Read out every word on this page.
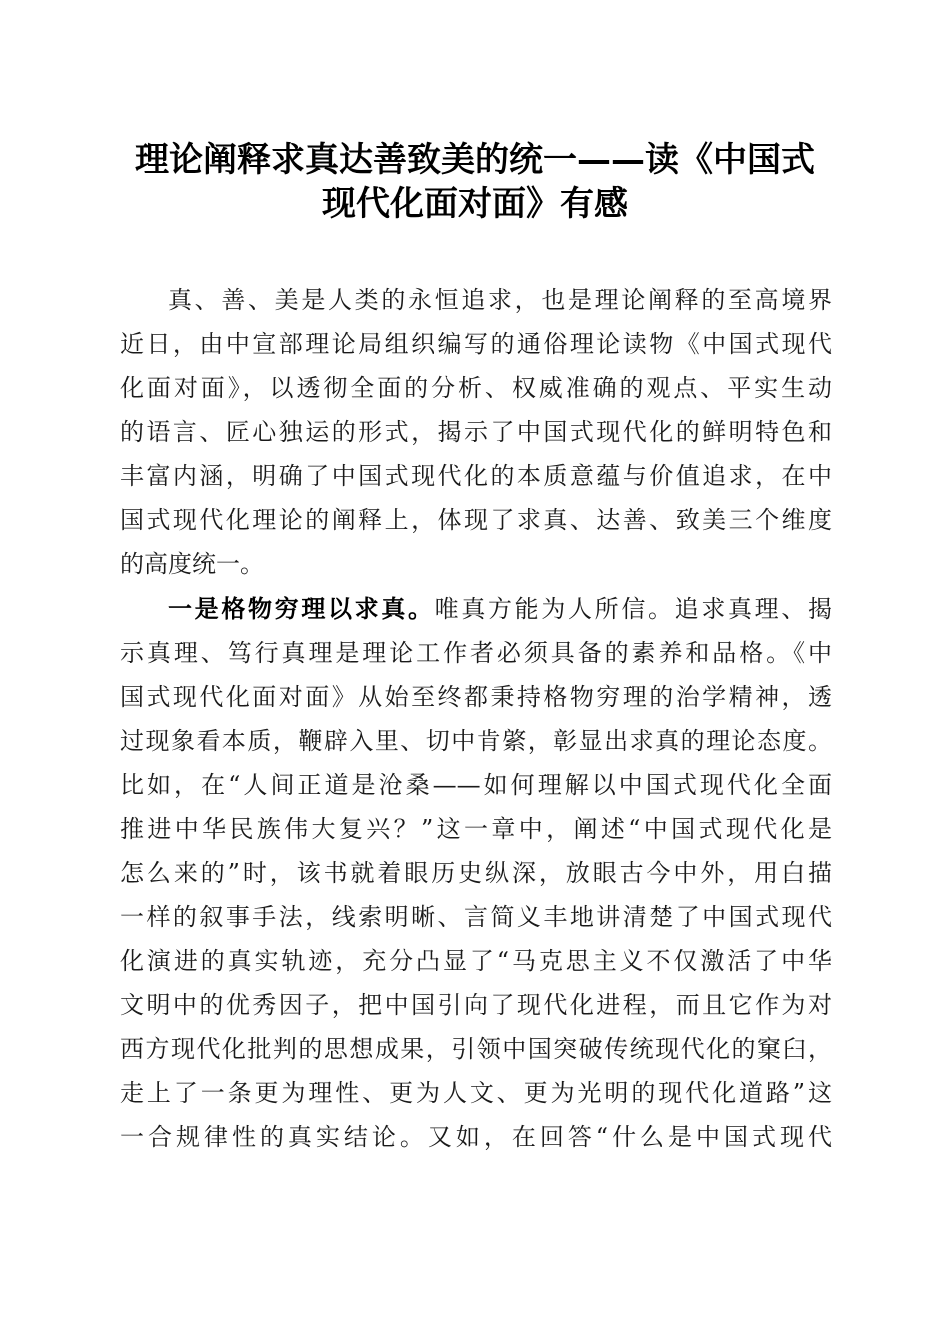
理论阐释求真达善致美的统一——读《中国式
现代化面对面》有感
真、善、美是人类的永恒追求，也是理论阐释的至高境界
近日，由中宣部理论局组织编写的通俗理论读物《中国式现代
化面对面》，以透彻全面的分析、权威准确的观点、平实生动
的语言、匠心独运的形式，揭示了中国式现代化的鲜明特色和
丰富内涵，明确了中国式现代化的本质意蕴与价值追求，在中
国式现代化理论的阐释上，体现了求真、达善、致美三个维度
的高度统一。
一是格物穷理以求真。唯真方能为人所信。追求真理、揭
示真理、笃行真理是理论工作者必须具备的素养和品格。《中
国式现代化面对面》从始至终都秉持格物穷理的治学精神，透
过现象看本质，鞭辟入里、切中肯綮，彰显出求真的理论态度。
比如，在“人间正道是沧桑——如何理解以中国式现代化全面
推进中华民族伟大复兴？”这一章中，阐述“中国式现代化是
怎么来的”时，该书就着眼历史纵深，放眼古今中外，用白描
一样的叙事手法，线索明晰、言简义丰地讲清楚了中国式现代
化演进的真实轨迹，充分凸显了“马克思主义不仅激活了中华
文明中的优秀因子，把中国引向了现代化进程，而且它作为对
西方现代化批判的思想成果，引领中国突破传统现代化的窠臼，
走上了一条更为理性、更为人文、更为光明的现代化道路”这
一合规律性的真实结论。又如，在回答“什么是中国式现代
